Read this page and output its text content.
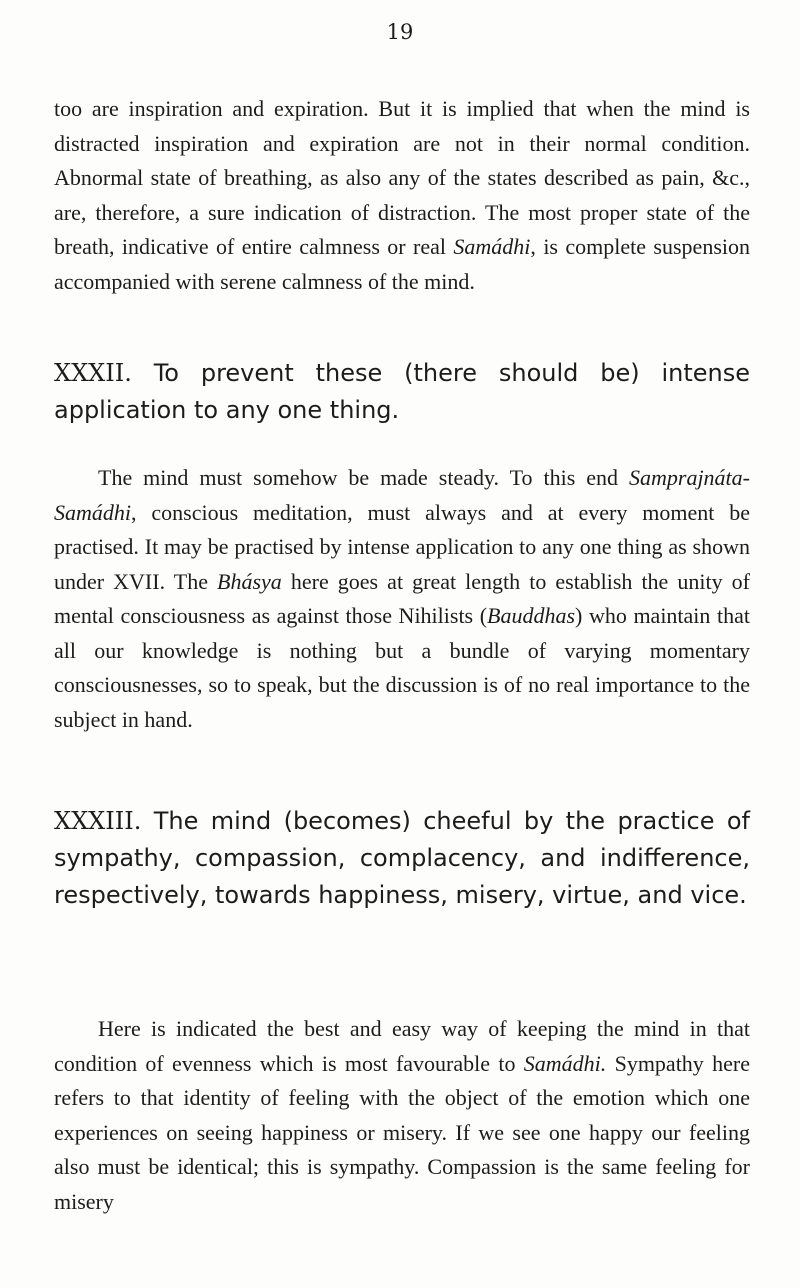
19

too are inspiration and expiration. But it is implied that when the mind is distracted inspiration and expiration are not in their normal condition. Abnormal state of breathing, as also any of the states described as pain, &c., are, therefore, a sure indication of distraction. The most proper state of the breath, indicative of entire calmness or real Samádhi, is complete suspension accompanied with serene calmness of the mind.

XXXII. To prevent these (there should be) intense application to any one thing.

The mind must somehow be made steady. To this end Samprajnáta-Samádhi, conscious meditation, must always and at every moment be practised. It may be practised by intense application to any one thing as shown under XVII. The Bhásya here goes at great length to establish the unity of mental consciousness as against those Nihilists (Bauddhas) who maintain that all our knowledge is nothing but a bundle of varying momentary consciousnesses, so to speak, but the discussion is of no real importance to the subject in hand.

XXXIII. The mind (becomes) cheeful by the practice of sympathy, compassion, complacency, and indifference, respectively, towards happiness, misery, virtue, and vice.

Here is indicated the best and easy way of keeping the mind in that condition of evenness which is most favourable to Samádhi. Sympathy here refers to that identity of feeling with the object of the emotion which one experiences on seeing happiness or misery. If we see one happy our feeling also must be identical; this is sympathy. Compassion is the same feeling for misery
